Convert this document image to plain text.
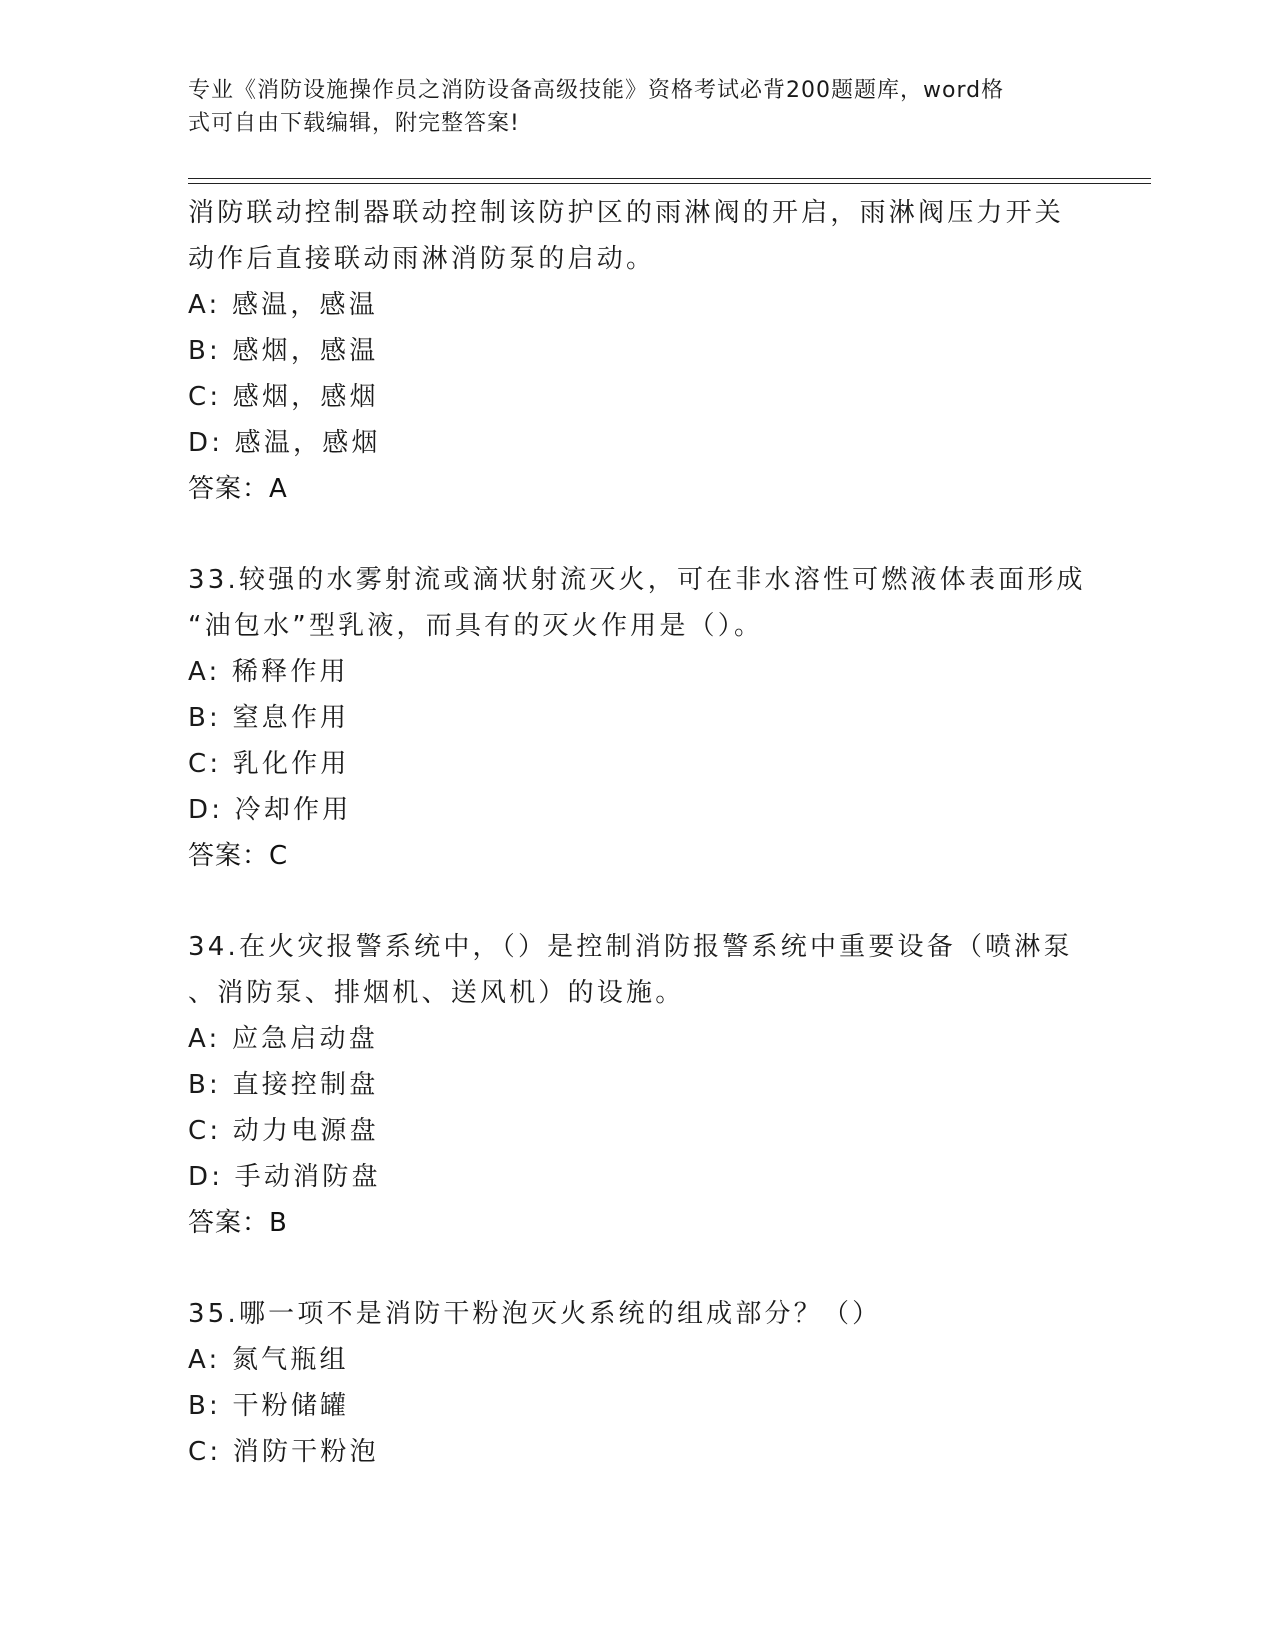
专业《消防设施操作员之消防设备高级技能》资格考试必背200题题库，word格
式可自由下载编辑，附完整答案!
消防联动控制器联动控制该防护区的雨淋阀的开启，雨淋阀压力开关
动作后直接联动雨淋消防泵的启动。
A: 感温，感温
B: 感烟，感温
C: 感烟，感烟
D: 感温，感烟
答案：A
33.较强的水雾射流或滴状射流灭火，可在非水溶性可燃液体表面形成
“油包水”型乳液，而具有的灭火作用是（）。
A: 稀释作用
B: 窒息作用
C: 乳化作用
D: 冷却作用
答案：C
34.在火灾报警系统中，（）是控制消防报警系统中重要设备（喷淋泵
、消防泵、排烟机、送风机）的设施。
A: 应急启动盘
B: 直接控制盘
C: 动力电源盘
D: 手动消防盘
答案：B
35.哪一项不是消防干粉泡灭火系统的组成部分？（）
A: 氮气瓶组
B: 干粉储罐
C: 消防干粉泡
